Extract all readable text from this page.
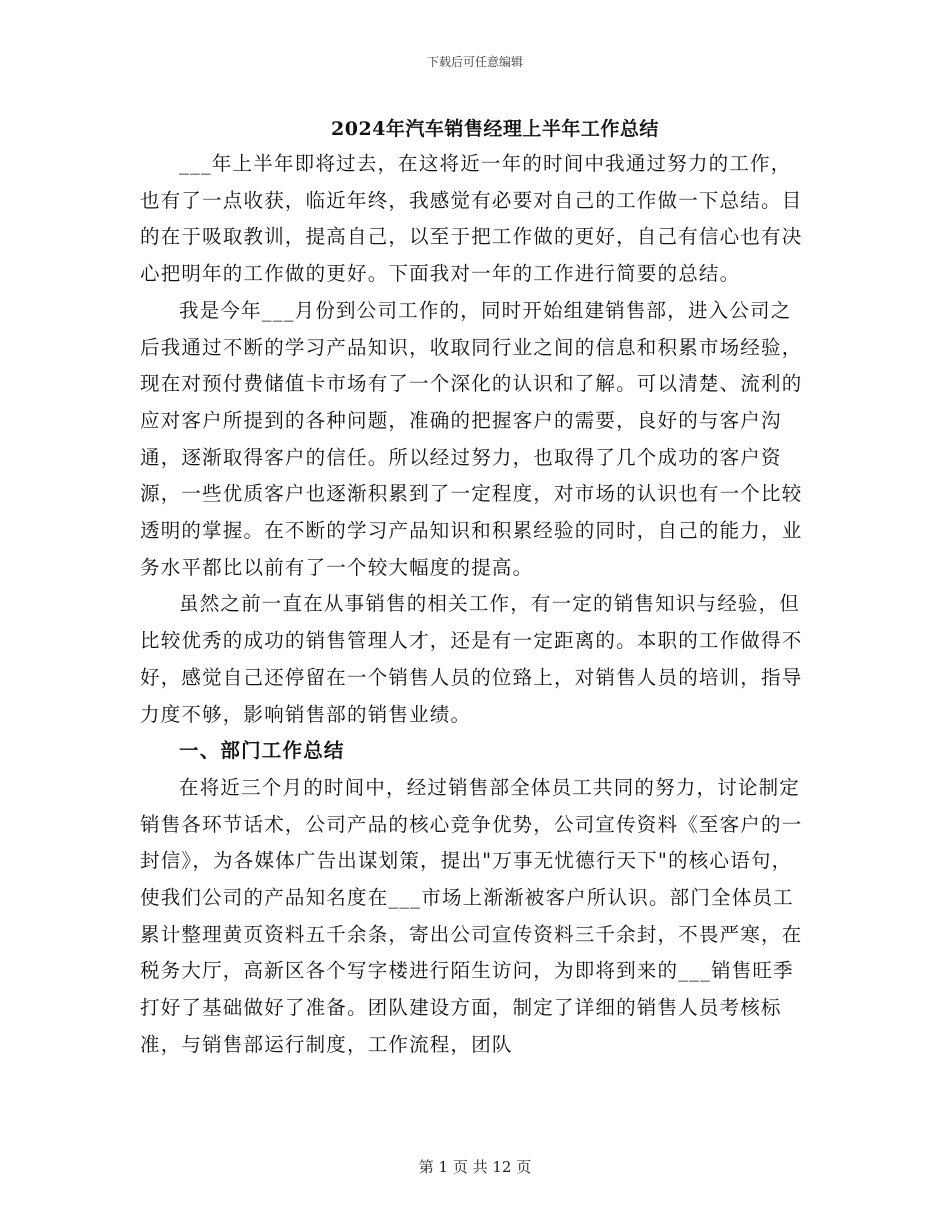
下载后可任意编辑
2024年汽车销售经理上半年工作总结

___年上半年即将过去，在这将近一年的时间中我通过努力的工作，也有了一点收获，临近年终，我感觉有必要对自己的工作做一下总结。目的在于吸取教训，提高自己，以至于把工作做的更好，自己有信心也有决心把明年的工作做的更好。下面我对一年的工作进行简要的总结。

我是今年___月份到公司工作的，同时开始组建销售部，进入公司之后我通过不断的学习产品知识，收取同行业之间的信息和积累市场经验，现在对预付费储值卡市场有了一个深化的认识和了解。可以清楚、流利的应对客户所提到的各种问题，准确的把握客户的需要，良好的与客户沟通，逐渐取得客户的信任。所以经过努力，也取得了几个成功的客户资源，一些优质客户也逐渐积累到了一定程度，对市场的认识也有一个比较透明的掌握。在不断的学习产品知识和积累经验的同时，自己的能力，业务水平都比以前有了一个较大幅度的提高。

虽然之前一直在从事销售的相关工作，有一定的销售知识与经验，但比较优秀的成功的销售管理人才，还是有一定距离的。本职的工作做得不好，感觉自己还停留在一个销售人员的位臵上，对销售人员的培训，指导力度不够，影响销售部的销售业绩。

一、部门工作总结

在将近三个月的时间中，经过销售部全体员工共同的努力，讨论制定销售各环节话术，公司产品的核心竞争优势，公司宣传资料《至客户的一封信》，为各媒体广告出谋划策，提出"万事无忧德行天下"的核心语句，使我们公司的产品知名度在___市场上渐渐被客户所认识。部门全体员工累计整理黄页资料五千余条，寄出公司宣传资料三千余封，不畏严寒，在税务大厅，高新区各个写字楼进行陌生访问，为即将到来的___销售旺季打好了基础做好了准备。团队建设方面，制定了详细的销售人员考核标准，与销售部运行制度，工作流程，团队

第 1 页 共 12 页
